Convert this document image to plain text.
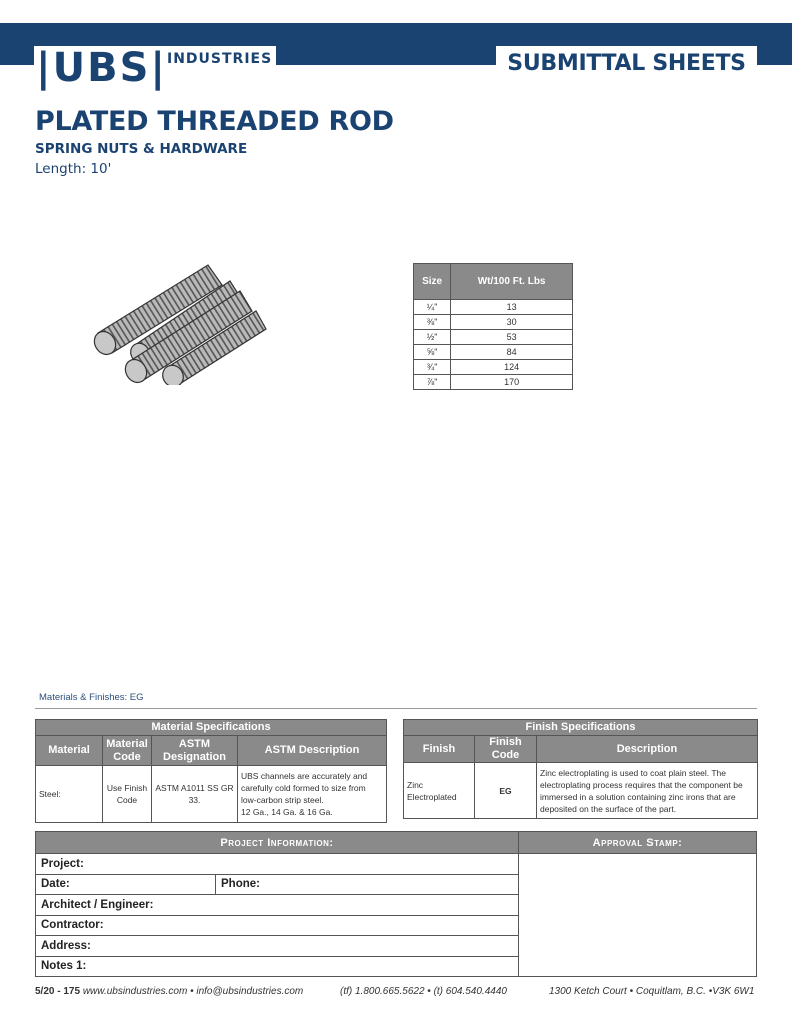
|UBS| INDUSTRIES	SUBMITTAL SHEETS
PLATED THREADED ROD
SPRING NUTS & HARDWARE
Length: 10'
Size	Wt/100 Ft. Lbs
¼"	13
⅜"	30
½"	53
⅝"	84
¾"	124
⅞"	170
Materials & Finishes: EG
Material Specifications			
Material	Material Code	ASTM Designation	ASTM Description
Steel:	Use Finish Code	ASTM A1011 SS GR 33.	UBS channels are accurately and carefully cold formed to size from low-carbon strip steel.
12 Ga., 14 Ga. & 16 Ga.
Finish Specifications		
Finish	Finish Code	Description
Zinc Electroplated	EG	Zinc electroplating is used to coat plain steel. The electroplating process requires that the component be immersed in a solution containing zinc irons that are deposited on the surface of the part.
Project Information:		Approval Stamp:
Project:		
Date:	Phone:	
Architect / Engineer:		
Contractor:		
Address:		
Notes 1:		
5/20 - 175 www.ubsindustries.com • info@ubsindustries.com	(tf) 1.800.665.5622 • (t) 604.540.4440	1300 Ketch Court • Coquitlam, B.C. •V3K 6W1
